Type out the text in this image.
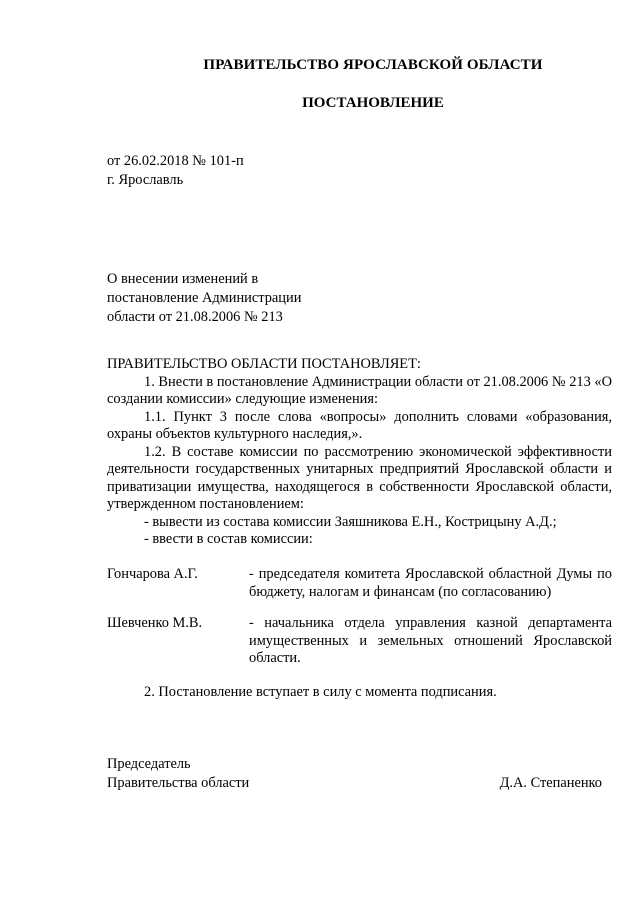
ПРАВИТЕЛЬСТВО ЯРОСЛАВСКОЙ ОБЛАСТИ
ПОСТАНОВЛЕНИЕ
от 26.02.2018 № 101-п
г. Ярославль
О внесении изменений в
постановление Администрации
области от 21.08.2006 № 213

ПРАВИТЕЛЬСТВО ОБЛАСТИ ПОСТАНОВЛЯЕТ:

1. Внести в постановление Администрации области от 21.08.2006 № 213 «О создании комиссии» следующие изменения:

1.1. Пункт 3 после слова «вопросы» дополнить словами «образования, охраны объектов культурного наследия,».

1.2. В составе комиссии по рассмотрению экономической эффективности деятельности государственных унитарных предприятий Ярославской области и приватизации имущества, находящегося в собственности Ярославской области, утвержденном постановлением:

- вывести из состава комиссии Заяшникова Е.Н., Кострицыну А.Д.;

- ввести в состав комиссии:

Гончарова А.Г.	- председателя комитета Ярославской областной Думы по бюджету, налогам и финансам (по согласованию)
Шевченко М.В.	- начальника отдела управления казной департамента имущественных и земельных отношений Ярославской области.
2. Постановление вступает в силу с момента подписания.
Председатель
Правительства области	Д.А. Степаненко
